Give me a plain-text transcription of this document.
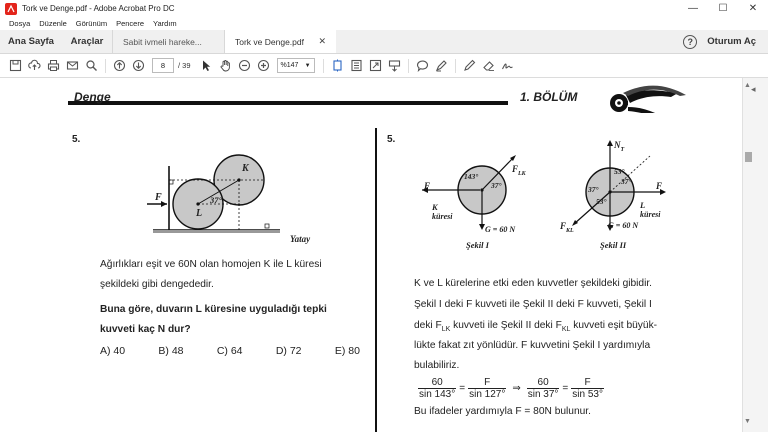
Tork ve Denge.pdf - Adobe Acrobat Pro DC	—	☐	✕
Dosya Düzenle Görünüm Pencere Yardım
Ana Sayfa	Araçlar	Sabit ivmeli hareke...	Tork ve Denge.pdf ✕	?	Oturum Aç
8	/ 39	%147 ▼
Denge	1. BÖLÜM
5.
K
L
37°
F
Yatay
Ağırlıkları eşit ve 60N olan homojen K ile L küresi
şekildeki gibi dengededir.
Buna göre, duvarın L küresine uyguladığı tepki
kuvveti kaç N dur?
A) 40	B) 48	C) 64	D) 72	E) 80
5.
F
$F_{LK}$
143°
37°
K
küresi
G = 60 N
Şekil I
$N_T$
53°
37°
37°
53°
F
L
küresi
$F_{KL}$
G = 60 N
Şekil II
K ve L kürelerine etki eden kuvvetler şekildeki gibidir.
Şekil I deki F kuvveti ile Şekil II deki F kuvveti, Şekil I
deki $F_{LK}$ kuvveti ile Şekil II deki $F_{KL}$ kuvveti eşit büyük-
lükte fakat zıt yönlüdür. F kuvvetini Şekil I yardımıyla
bulabiliriz.
$\frac{60}{\sin 143^\circ} = \frac{F}{\sin 127^\circ}$ ⇒ $\frac{60}{\sin 37^\circ} = \frac{F}{\sin 53^\circ}$
Bu ifadeler yardımıyla F = 80N bulunur.
◂
▲
▼
